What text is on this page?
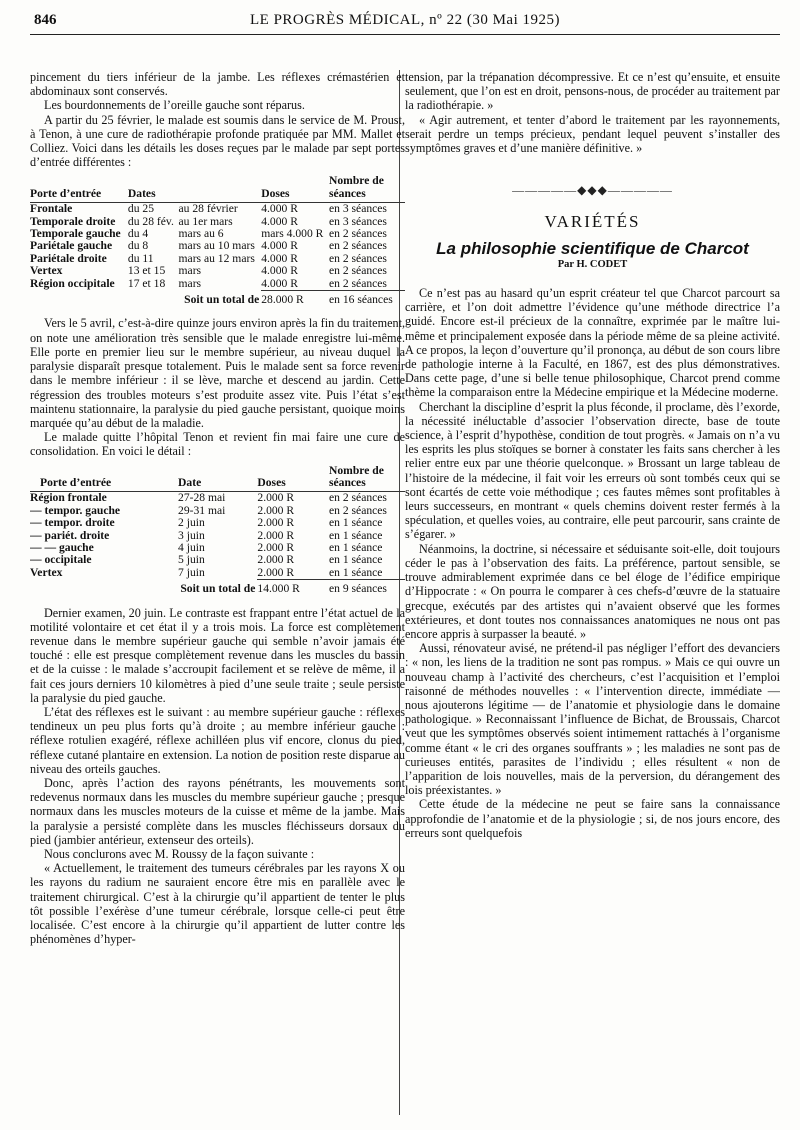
846	LE PROGRÈS MÉDICAL, nº 22 (30 Mai 1925)

pincement du tiers inférieur de la jambe. Les réflexes crémastérien et abdominaux sont conservés.

Les bourdonnements de l’oreille gauche sont réparus.

A partir du 25 février, le malade est soumis dans le service de M. Proust, à Tenon, à une cure de radiothérapie profonde pratiquée par MM. Mallet et Colliez. Voici dans les détails les doses reçues par le malade par sept portes d’entrée différentes :

Porte d’entrée	Dates		Doses	Nombre de séances
Frontale	du 25	au 28 février	4.000 R	en 3 séances
Temporale droite	du 28 fév.	au 1er mars	4.000 R	en 3 séances
Temporale gauche	du 4	mars au 6	mars 4.000 R	en 2 séances
Pariétale gauche	du 8	mars au 10 mars	4.000 R	en 2 séances
Pariétale droite	du 11	mars au 12 mars	4.000 R	en 2 séances
Vertex	13 et 15	mars	4.000 R	en 2 séances
Région occipitale	17 et 18	mars	4.000 R	en 2 séances
Soit un total de			28.000 R	en 16 séances

Vers le 5 avril, c’est-à-dire quinze jours environ après la fin du traitement, on note une amélioration très sensible que le malade enregistre lui-même. Elle porte en premier lieu sur le membre supérieur, au niveau duquel la paralysie disparaît presque totalement. Puis le malade sent sa force revenir dans le membre inférieur : il se lève, marche et descend au jardin. Cette régression des troubles moteurs s’est produite assez vite. Puis l’état s’est maintenu stationnaire, la paralysie du pied gauche persistant, quoique moins marquée qu’au début de la maladie.

Le malade quitte l’hôpital Tenon et revient fin mai faire une cure de consolidation. En voici le détail :

Porte d’entrée	Date	Doses	Nombre de séances
Région frontale	27-28 mai	2.000 R	en 2 séances
— tempor. gauche	29-31 mai	2.000 R	en 2 séances
— tempor. droite	2 juin	2.000 R	en 1 séance
— pariét. droite	3 juin	2.000 R	en 1 séance
— — gauche	4 juin	2.000 R	en 1 séance
— occipitale	5 juin	2.000 R	en 1 séance
Vertex	7 juin	2.000 R	en 1 séance
Soit un total de		14.000 R	en 9 séances

Dernier examen, 20 juin. Le contraste est frappant entre l’état actuel de la motilité volontaire et cet état il y a trois mois. La force est complètement revenue dans le membre supérieur gauche qui semble n’avoir jamais été touché : elle est presque complètement revenue dans les muscles du bassin et de la cuisse : le malade s’accroupit facilement et se relève de même, il a fait ces jours derniers 10 kilomètres à pied d’une seule traite ; seule persiste la paralysie du pied gauche.

L’état des réflexes est le suivant : au membre supérieur gauche : réflexes tendineux un peu plus forts qu’à droite ; au membre inférieur gauche : réflexe rotulien exagéré, réflexe achilléen plus vif encore, clonus du pied, réflexe cutané plantaire en extension. La notion de position reste disparue au niveau des orteils gauches.

Donc, après l’action des rayons pénétrants, les mouvements sont redevenus normaux dans les muscles du membre supérieur gauche ; presque normaux dans les muscles moteurs de la cuisse et même de la jambe. Mais la paralysie a persisté complète dans les muscles fléchisseurs dorsaux du pied (jambier antérieur, extenseur des orteils).

Nous conclurons avec M. Roussy de la façon suivante :

« Actuellement, le traitement des tumeurs cérébrales par les rayons X ou les rayons du radium ne sauraient encore être mis en parallèle avec le traitement chirurgical. C’est à la chirurgie qu’il appartient de tenter le plus tôt possible l’exérèse d’une tumeur cérébrale, lorsque celle-ci peut être localisée. C’est encore à la chirurgie qu’il appartient de lutter contre les phénomènes d’hyper-

tension, par la trépanation décompressive. Et ce n’est qu’ensuite, et ensuite seulement, que l’on est en droit, pensons-nous, de procéder au traitement par la radiothérapie. »

« Agir autrement, et tenter d’abord le traitement par les rayonnements, serait perdre un temps précieux, pendant lequel peuvent s’installer des symptômes graves et d’une manière définitive. »

—————◆◆◆—————
VARIÉTÉS
La philosophie scientifique de Charcot
Par H. CODET

Ce n’est pas au hasard qu’un esprit créateur tel que Charcot parcourt sa carrière, et l’on doit admettre l’évidence qu’une méthode directrice l’a guidé. Encore est-il précieux de la connaître, exprimée par le maître lui-même et principalement exposée dans la période même de sa pleine activité. A ce propos, la leçon d’ouverture qu’il prononça, au début de son cours libre de pathologie interne à la Faculté, en 1867, est des plus démonstratives. Dans cette page, d’une si belle tenue philosophique, Charcot prend comme thème la comparaison entre la Médecine empirique et la Médecine moderne.

Cherchant la discipline d’esprit la plus féconde, il proclame, dès l’exorde, la nécessité inéluctable d’associer l’observation directe, base de toute science, à l’esprit d’hypothèse, condition de tout progrès. « Jamais on n’a vu les esprits les plus stoïques se borner à constater les faits sans chercher à les relier entre eux par une théorie quelconque. » Brossant un large tableau de l’histoire de la médecine, il fait voir les erreurs où sont tombés ceux qui se sont écartés de cette voie méthodique ; ces fautes mêmes sont profitables à leurs successeurs, en montrant « quels chemins doivent rester fermés à la spéculation, et quelles voies, au contraire, elle peut parcourir, sans crainte de s’égarer. »

Néanmoins, la doctrine, si nécessaire et séduisante soit-elle, doit toujours céder le pas à l’observation des faits. La préférence, partout sensible, se trouve admirablement exprimée dans ce bel éloge de l’édifice empirique d’Hippocrate : « On pourra le comparer à ces chefs-d’œuvre de la statuaire grecque, exécutés par des artistes qui n’avaient observé que les formes extérieures, et dont toutes nos connaissances anatomiques ne nous ont pas encore appris à surpasser la beauté. »

Aussi, rénovateur avisé, ne prétend-il pas négliger l’effort des devanciers : « non, les liens de la tradition ne sont pas rompus. » Mais ce qui ouvre un nouveau champ à l’activité des chercheurs, c’est l’acquisition et l’emploi raisonné de méthodes nouvelles : « l’intervention directe, immédiate — nous ajouterons légitime — de l’anatomie et physiologie dans le domaine pathologique. » Reconnaissant l’influence de Bichat, de Broussais, Charcot veut que les symptômes observés soient intimement rattachés à l’organisme comme étant « le cri des organes souffrants » ; les maladies ne sont pas de curieuses entités, parasites de l’individu ; elles résultent « non de l’apparition de lois nouvelles, mais de la perversion, du dérangement des lois préexistantes. »

Cette étude de la médecine ne peut se faire sans la connaissance approfondie de l’anatomie et de la physiologie ; si, de nos jours encore, des erreurs sont quelquefois
